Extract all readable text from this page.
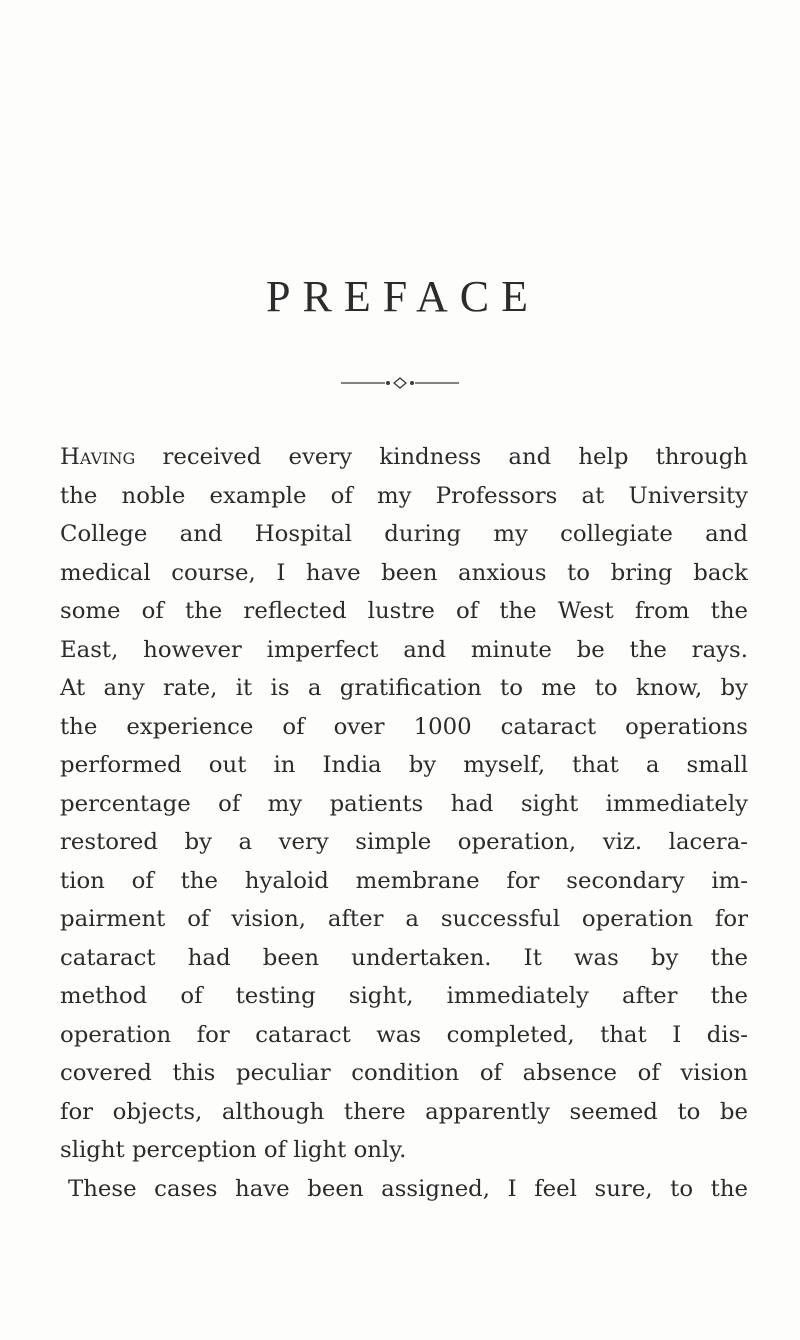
PREFACE
Having received every kindness and help through
the noble example of my Professors at University
College and Hospital during my collegiate and
medical course, I have been anxious to bring back
some of the reflected lustre of the West from the
East, however imperfect and minute be the rays.
At any rate, it is a gratification to me to know, by
the experience of over 1000 cataract operations
performed out in India by myself, that a small
percentage of my patients had sight immediately
restored by a very simple operation, viz. lacera-
tion of the hyaloid membrane for secondary im-
pairment of vision, after a successful operation for
cataract had been undertaken. It was by the
method of testing sight, immediately after the
operation for cataract was completed, that I dis-
covered this peculiar condition of absence of vision
for objects, although there apparently seemed to be
slight perception of light only.
These cases have been assigned, I feel sure, to the
